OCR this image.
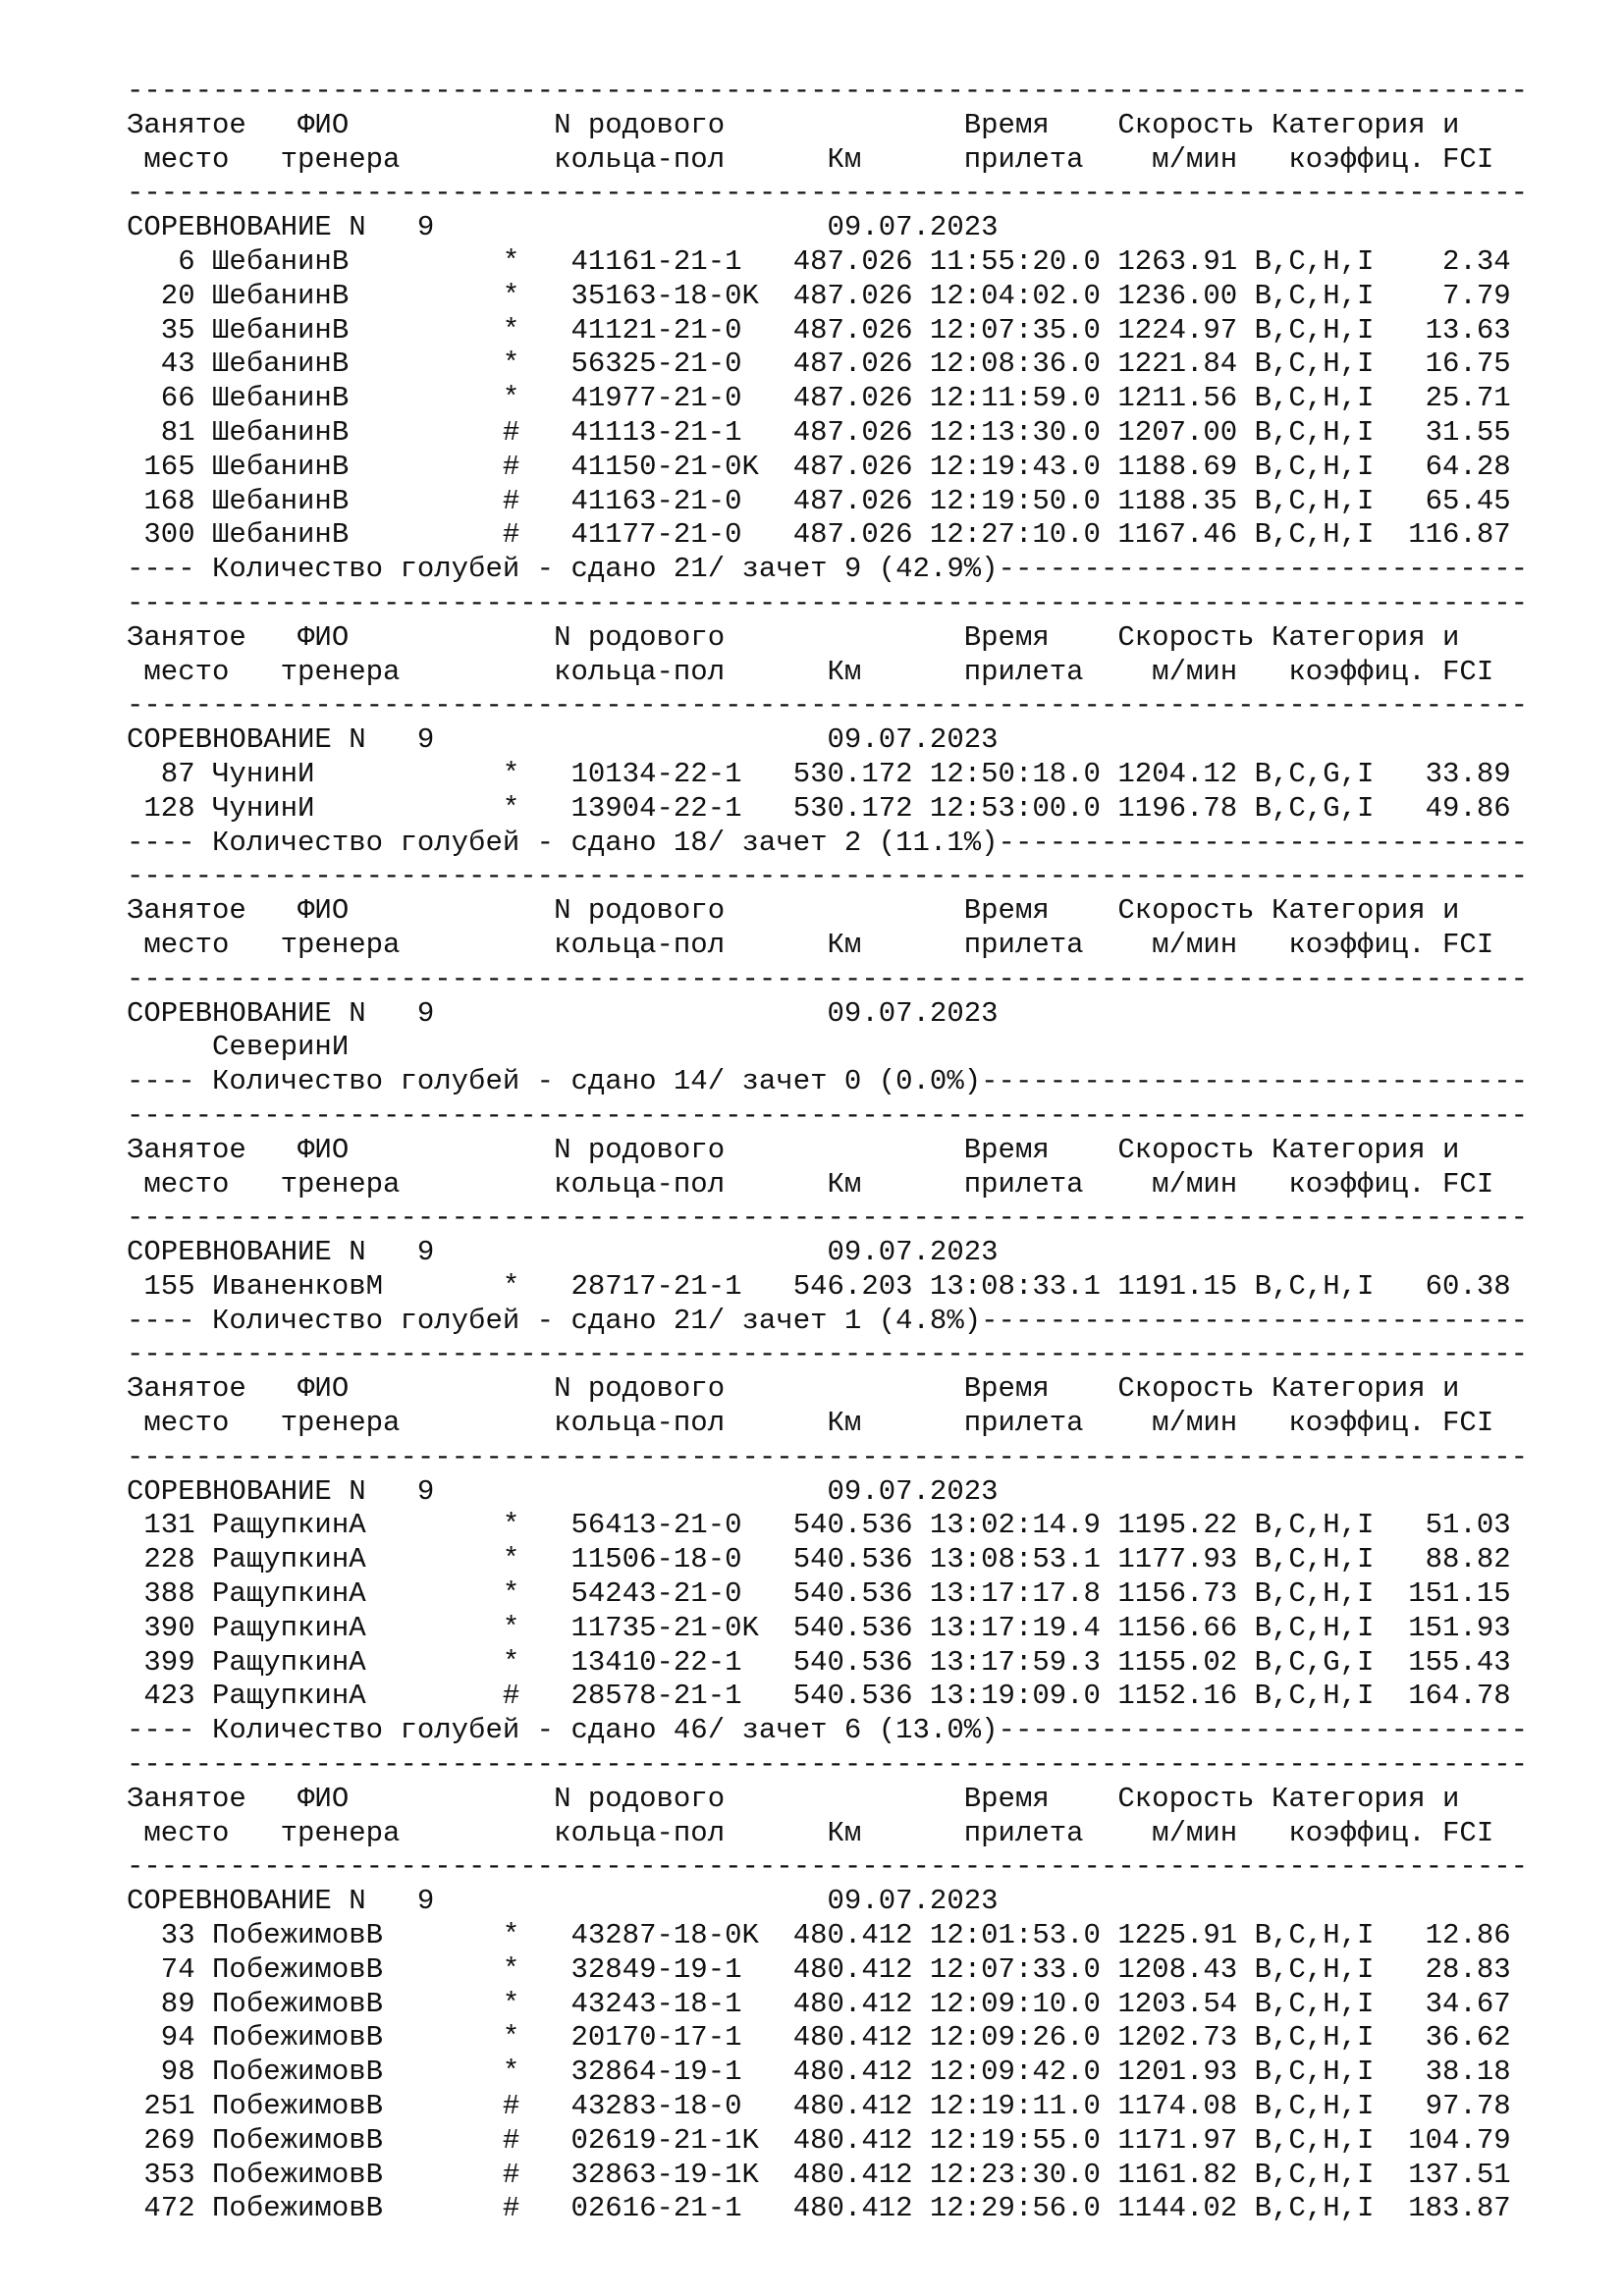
----------------------------------------------------------------------------------
Занятое   ФИО            N родового              Время    Скорость Категория и
место   тренера         кольца-пол      Км      прилета    м/мин   коэффиц. FCI
----------------------------------------------------------------------------------
СОРЕВНОВАНИЕ N   9                       09.07.2023
6 ШебанинВ         *   41161-21-1   487.026 11:55:20.0 1263.91 B,C,H,I    2.34
20 ШебанинВ         *   35163-18-0K  487.026 12:04:02.0 1236.00 B,C,H,I    7.79
35 ШебанинВ         *   41121-21-0   487.026 12:07:35.0 1224.97 B,C,H,I   13.63
43 ШебанинВ         *   56325-21-0   487.026 12:08:36.0 1221.84 B,C,H,I   16.75
66 ШебанинВ         *   41977-21-0   487.026 12:11:59.0 1211.56 B,C,H,I   25.71
81 ШебанинВ         #   41113-21-1   487.026 12:13:30.0 1207.00 B,C,H,I   31.55
165 ШебанинВ         #   41150-21-0K  487.026 12:19:43.0 1188.69 B,C,H,I   64.28
168 ШебанинВ         #   41163-21-0   487.026 12:19:50.0 1188.35 B,C,H,I   65.45
300 ШебанинВ         #   41177-21-0   487.026 12:27:10.0 1167.46 B,C,H,I  116.87
---- Количество голубей - сдано 21/ зачет 9 (42.9%)-------------------------------
----------------------------------------------------------------------------------
Занятое   ФИО            N родового              Время    Скорость Категория и
место   тренера         кольца-пол      Км      прилета    м/мин   коэффиц. FCI
----------------------------------------------------------------------------------
СОРЕВНОВАНИЕ N   9                       09.07.2023
87 ЧунинИ           *   10134-22-1   530.172 12:50:18.0 1204.12 B,C,G,I   33.89
128 ЧунинИ           *   13904-22-1   530.172 12:53:00.0 1196.78 B,C,G,I   49.86
---- Количество голубей - сдано 18/ зачет 2 (11.1%)-------------------------------
----------------------------------------------------------------------------------
Занятое   ФИО            N родового              Время    Скорость Категория и
место   тренера         кольца-пол      Км      прилета    м/мин   коэффиц. FCI
----------------------------------------------------------------------------------
СОРЕВНОВАНИЕ N   9                       09.07.2023
СеверинИ
---- Количество голубей - сдано 14/ зачет 0 (0.0%)--------------------------------
----------------------------------------------------------------------------------
Занятое   ФИО            N родового              Время    Скорость Категория и
место   тренера         кольца-пол      Км      прилета    м/мин   коэффиц. FCI
----------------------------------------------------------------------------------
СОРЕВНОВАНИЕ N   9                       09.07.2023
155 ИваненковМ       *   28717-21-1   546.203 13:08:33.1 1191.15 B,C,H,I   60.38
---- Количество голубей - сдано 21/ зачет 1 (4.8%)--------------------------------
----------------------------------------------------------------------------------
Занятое   ФИО            N родового              Время    Скорость Категория и
место   тренера         кольца-пол      Км      прилета    м/мин   коэффиц. FCI
----------------------------------------------------------------------------------
СОРЕВНОВАНИЕ N   9                       09.07.2023
131 РащупкинА        *   56413-21-0   540.536 13:02:14.9 1195.22 B,C,H,I   51.03
228 РащупкинА        *   11506-18-0   540.536 13:08:53.1 1177.93 B,C,H,I   88.82
388 РащупкинА        *   54243-21-0   540.536 13:17:17.8 1156.73 B,C,H,I  151.15
390 РащупкинА        *   11735-21-0K  540.536 13:17:19.4 1156.66 B,C,H,I  151.93
399 РащупкинА        *   13410-22-1   540.536 13:17:59.3 1155.02 B,C,G,I  155.43
423 РащупкинА        #   28578-21-1   540.536 13:19:09.0 1152.16 B,C,H,I  164.78
---- Количество голубей - сдано 46/ зачет 6 (13.0%)-------------------------------
----------------------------------------------------------------------------------
Занятое   ФИО            N родового              Время    Скорость Категория и
место   тренера         кольца-пол      Км      прилета    м/мин   коэффиц. FCI
----------------------------------------------------------------------------------
СОРЕВНОВАНИЕ N   9                       09.07.2023
33 ПобежимовВ       *   43287-18-0K  480.412 12:01:53.0 1225.91 B,C,H,I   12.86
74 ПобежимовВ       *   32849-19-1   480.412 12:07:33.0 1208.43 B,C,H,I   28.83
89 ПобежимовВ       *   43243-18-1   480.412 12:09:10.0 1203.54 B,C,H,I   34.67
94 ПобежимовВ       *   20170-17-1   480.412 12:09:26.0 1202.73 B,C,H,I   36.62
98 ПобежимовВ       *   32864-19-1   480.412 12:09:42.0 1201.93 B,C,H,I   38.18
251 ПобежимовВ       #   43283-18-0   480.412 12:19:11.0 1174.08 B,C,H,I   97.78
269 ПобежимовВ       #   02619-21-1K  480.412 12:19:55.0 1171.97 B,C,H,I  104.79
353 ПобежимовВ       #   32863-19-1K  480.412 12:23:30.0 1161.82 B,C,H,I  137.51
472 ПобежимовВ       #   02616-21-1   480.412 12:29:56.0 1144.02 B,C,H,I  183.87
